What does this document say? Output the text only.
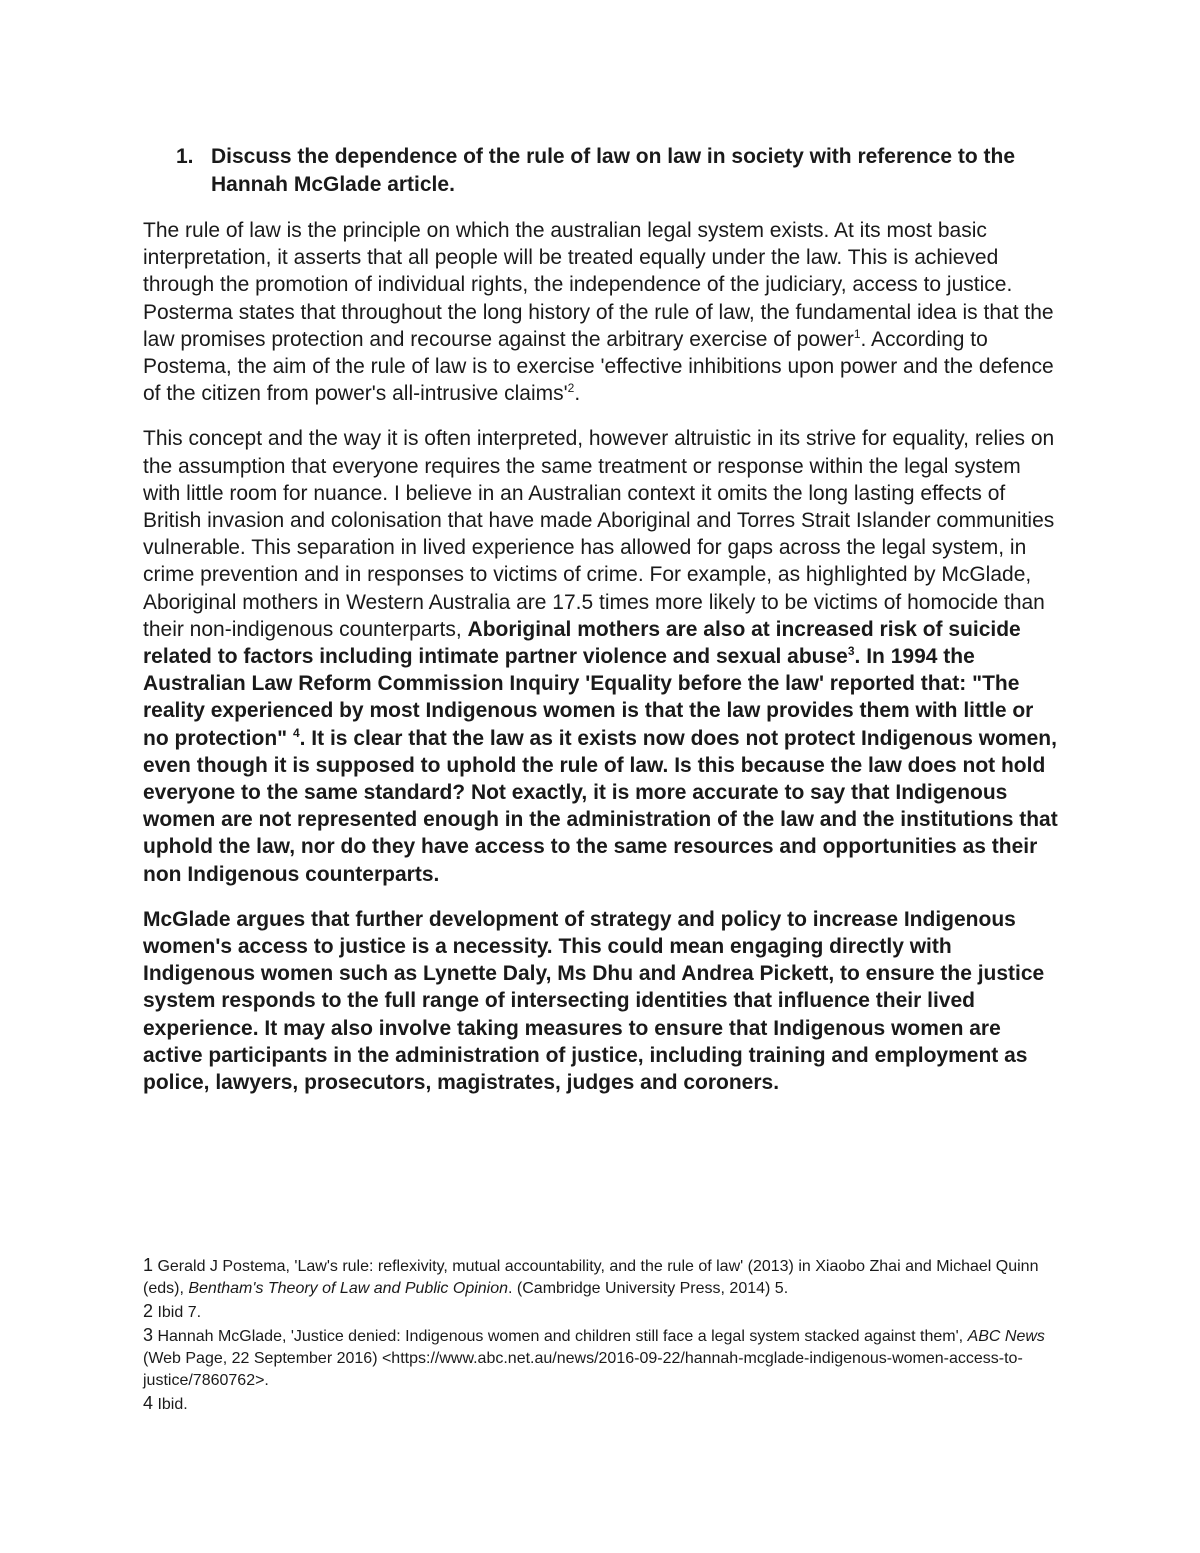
1. Discuss the dependence of the rule of law on law in society with reference to the Hannah McGlade article.

The rule of law is the principle on which the australian legal system exists. At its most basic interpretation, it asserts that all people will be treated equally under the law. This is achieved through the promotion of individual rights, the independence of the judiciary, access to justice. Posterma states that throughout the long history of the rule of law, the fundamental idea is that the law promises protection and recourse against the arbitrary exercise of power$^1$. According to Postema, the aim of the rule of law is to exercise 'effective inhibitions upon power and the defence of the citizen from power's all-intrusive $claims'^2$.

This concept and the way it is often interpreted, however altruistic in its strive for equality, relies on the assumption that everyone requires the same treatment or response within the legal system with little room for nuance. I believe in an Australian context it omits the long lasting effects of British invasion and colonisation that have made Aboriginal and Torres Strait Islander communities vulnerable. This separation in lived experience has allowed for gaps across the legal system, in crime prevention and in responses to victims of crime. For example, as highlighted by McGlade, Aboriginal mothers in Western Australia are 17.5 times more likely to be victims of homocide than their non-indigenous counterparts, Aboriginal mothers are also at increased risk of suicide related to factors including intimate partner violence and sexual abuse$^3$. In 1994 the Australian Law Reform Commission Inquiry 'Equality before the law' reported that: "The reality experienced by most Indigenous women is that the law provides them with little or no protection" $^4$. It is clear that the law as it exists now does not protect Indigenous women, even though it is supposed to uphold the rule of law. Is this because the law does not hold everyone to the same standard? Not exactly, it is more accurate to say that Indigenous women are not represented enough in the administration of the law and the institutions that uphold the law, nor do they have access to the same resources and opportunities as their non Indigenous counterparts.

McGlade argues that further development of strategy and policy to increase Indigenous women's access to justice is a necessity. This could mean engaging directly with Indigenous women such as Lynette Daly, Ms Dhu and Andrea Pickett, to ensure the justice system responds to the full range of intersecting identities that influence their lived experience. It may also involve taking measures to ensure that Indigenous women are active participants in the administration of justice, including training and employment as police, lawyers, prosecutors, magistrates, judges and coroners.

1 Gerald J Postema, 'Law's rule: reflexivity, mutual accountability, and the rule of law' (2013) in Xiaobo Zhai and Michael Quinn (eds), Bentham's Theory of Law and Public Opinion. (Cambridge University Press, 2014) 5.

2 Ibid 7.

3 Hannah McGlade, 'Justice denied: Indigenous women and children still face a legal system stacked against them', ABC News (Web Page, 22 September 2016) <https://www.abc.net.au/news/2016-09-22/hannah-mcglade-indigenous-women-access-to-justice/7860762>.

4 Ibid.
